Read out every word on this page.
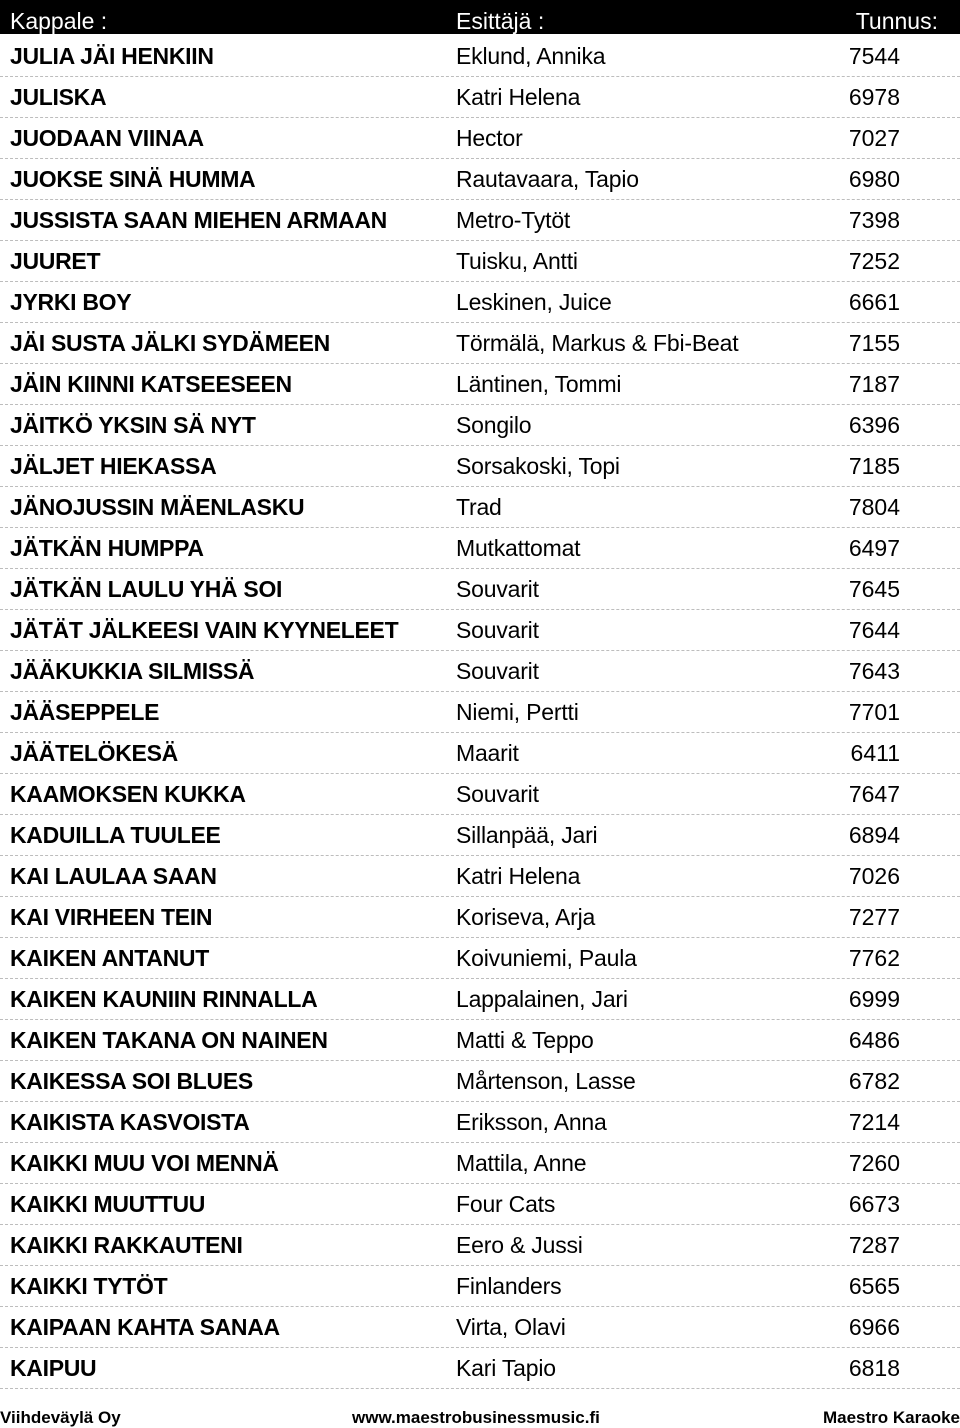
Kappale :	Esittäjä :	Tunnus:
JULIA JÄI HENKIIN	Eklund, Annika	7544
JULISKA	Katri Helena	6978
JUODAAN VIINAA	Hector	7027
JUOKSE SINÄ HUMMA	Rautavaara, Tapio	6980
JUSSISTA SAAN MIEHEN ARMAAN	Metro-Tytöt	7398
JUURET	Tuisku, Antti	7252
JYRKI BOY	Leskinen, Juice	6661
JÄI SUSTA JÄLKI SYDÄMEEN	Törmälä, Markus & Fbi-Beat	7155
JÄIN KIINNI KATSEESEEN	Läntinen, Tommi	7187
JÄITKÖ YKSIN SÄ NYT	Songilo	6396
JÄLJET HIEKASSA	Sorsakoski, Topi	7185
JÄNOJUSSIN MÄENLASKU	Trad	7804
JÄTKÄN HUMPPA	Mutkattomat	6497
JÄTKÄN LAULU YHÄ SOI	Souvarit	7645
JÄTÄT JÄLKEESI VAIN KYYNELEET	Souvarit	7644
JÄÄKUKKIA SILMISSÄ	Souvarit	7643
JÄÄSEPPELE	Niemi, Pertti	7701
JÄÄTELÖKESÄ	Maarit	6411
KAAMOKSEN KUKKA	Souvarit	7647
KADUILLA TUULEE	Sillanpää, Jari	6894
KAI LAULAA SAAN	Katri Helena	7026
KAI VIRHEEN TEIN	Koriseva, Arja	7277
KAIKEN ANTANUT	Koivuniemi, Paula	7762
KAIKEN KAUNIIN RINNALLA	Lappalainen, Jari	6999
KAIKEN TAKANA ON NAINEN	Matti & Teppo	6486
KAIKESSA SOI BLUES	Mårtenson, Lasse	6782
KAIKISTA KASVOISTA	Eriksson, Anna	7214
KAIKKI MUU VOI MENNÄ	Mattila, Anne	7260
KAIKKI MUUTTUU	Four Cats	6673
KAIKKI RAKKAUTENI	Eero & Jussi	7287
KAIKKI TYTÖT	Finlanders	6565
KAIPAAN KAHTA SANAA	Virta, Olavi	6966
KAIPUU	Kari Tapio	6818
Viihdeväylä Oy	www.maestrobusinessmusic.fi	Maestro Karaoke
